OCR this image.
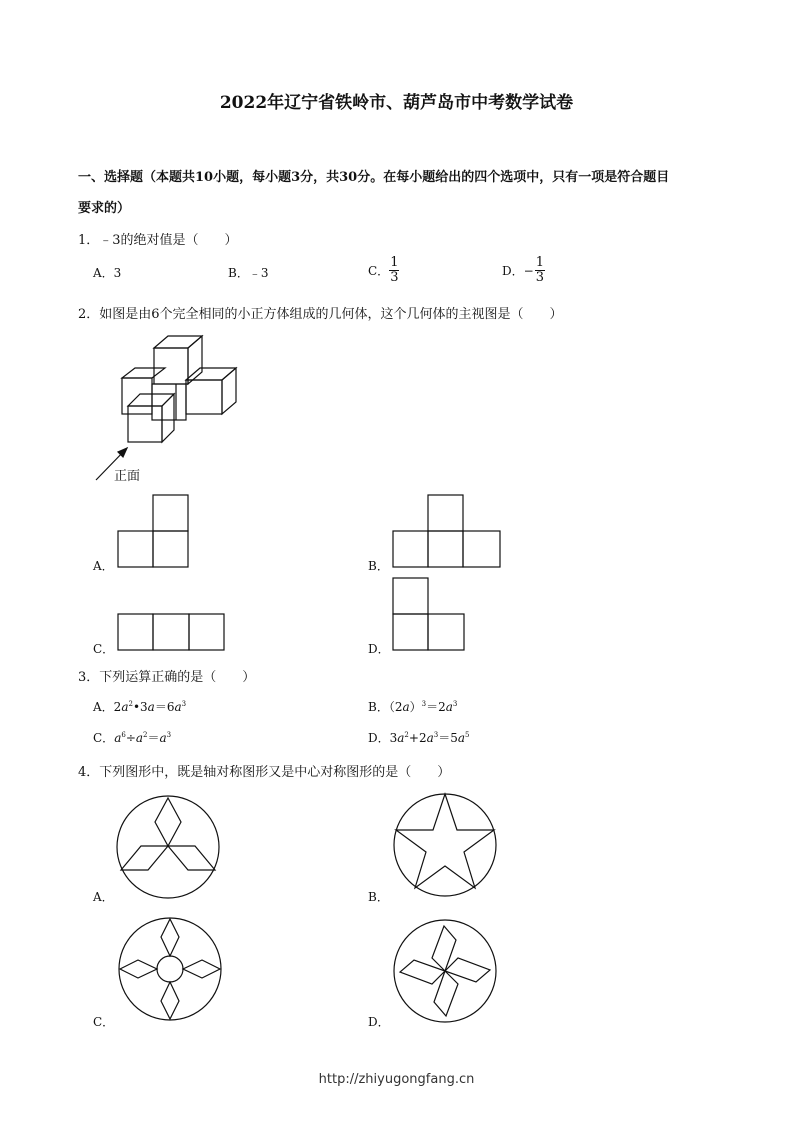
2022年辽宁省铁岭市、葫芦岛市中考数学试卷
一、选择题（本题共10小题，每小题3分，共30分。在每小题给出的四个选项中，只有一项是符合题目
要求的）
1．﹣3的绝对值是（　　）
A．3	B．﹣3	C． $\frac{1}{3}$	D．− $\frac{1}{3}$
2．如图是由6个完全相同的小正方体组成的几何体，这个几何体的主视图是（　　）
正面
A．	B．
C．	D．
3．下列运算正确的是（　　）
A．$2a^2•3a=6a^3$	B．$(2a)^3=2a^3$
C．$a^6\div a^2=a^3$	D．$3a^2+2a^3=5a^5$
4．下列图形中，既是轴对称图形又是中心对称图形的是（　　）
A．	B．
C．	D．
http://zhiyugongfang.cn
